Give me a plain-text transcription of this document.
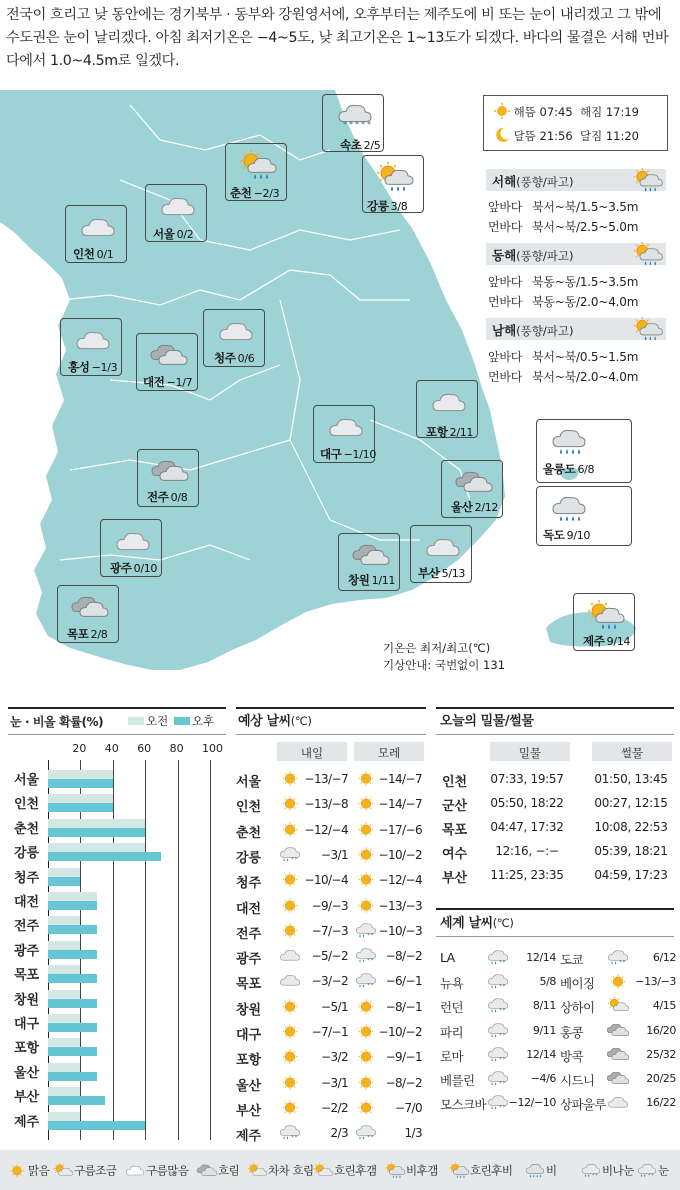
전국이 흐리고 낮 동안에는 경기북부 · 동부와 강원영서에, 오후부터는 제주도에 비 또는 눈이 내리겠고 그 밖에 수도권은 눈이 날리겠다. 아침 최저기온은 −4~5도, 낮 최고기온은 1~13도가 되겠다. 바다의 물결은 서해 먼바다에서 1.0~4.5m로 일겠다.
* * * * *
속초 2/5
춘천 −2/3
강릉 3/8
서울 0/2
인천 0/1
홍성 −1/3
청주 0/6
대전 −1/7
포항 2/11
대구 −1/10
울릉도 6/8
전주 0/8
울산 2/12
독도 9/10
광주 0/10
창원 1/11
부산 5/13
목포 2/8	제주 9/14
해뜸 07:45 해짐 17:19
달뜸 21:56 달짐 11:20
서해(풍향/파고)
앞바다 북서~북/1.5~3.5m
먼바다 북서~북/2.5~5.0m
동해(풍향/파고)
앞바다 북동~동/1.5~3.5m
먼바다 북동~동/2.0~4.0m
남해(풍향/파고)
앞바다 북서~북/0.5~1.5m
먼바다 북서~북/2.0~4.0m
기온은 최저/최고(℃)
기상안내: 국번없이 131
눈 · 비올 확률(%)	오전 오후
20 40 60 80 100
서울
인천
춘천
강릉
청주
대전
전주
광주
목포
창원
대구
포항
울산
부산
제주
예상 날씨(℃)
내일	모레
서울	−13/−7	−14/−7
인천	−13/−8	−14/−7
춘천	−12/−4	−17/−6
강릉	* *	−3/1	−10/−2
청주	−10/−4	−12/−4
대전	−9/−3	−13/−3
전주	−7/−3 * * −10/−3
광주	−5/−2 * *	−8/−2
목포	−3/−2 * *	−6/−1
창원	−5/1	−8/−1
대구	−7/−1	−10/−2
포항	−3/2	−9/−1
울산	−3/1	−8/−2
부산	−2/2	−7/0
제주	* *	2/3 * *	1/3
오늘의 밀물/썰물
밀물	썰물
인천	07:33, 19:57	01:50, 13:45
군산	05:50, 18:22	00:27, 12:15
목포	04:47, 17:32	10:08, 22:53
여수	12:16, −:−	05:39, 18:21
부산	11:25, 23:35	04:59, 17:23
세계 날씨(℃)
LA	* * 12/14
뉴욕	* *	5/8
런던	* *	8/11
파리	* *	9/11
로마	* * 12/14
베를린	* * −4/6
모스크바 * * −12/−10
도쿄	* *	6/12
베이징	−13/−3
상하이	4/15
홍콩	16/20
방콕	25/32
시드니	20/25
상파울루	16/22
맑음	구름조금	구름많음	흐림	차차 흐림	흐린후갬	비후갬	흐린후비	비	* * 비나눈 * * 눈
